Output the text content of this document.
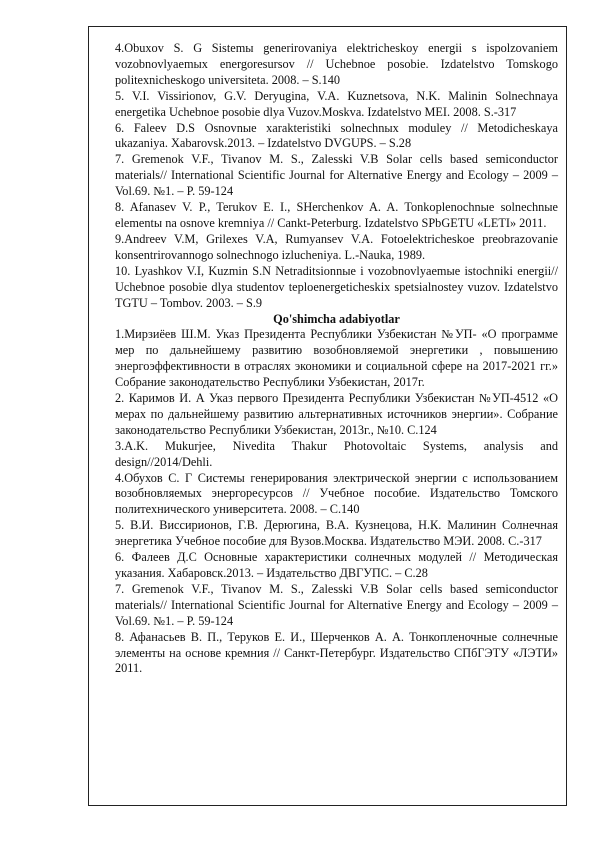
4.Obuxov S. G Sistemы generirovaniya elektricheskoy energii s ispolzovaniem vozobnovlyaemыx energoresursov // Uchebnoe posobie. Izdatelstvo Tomskogo politexnicheskogo universiteta. 2008. – S.140

5. V.I. Vissirionov, G.V. Deryugina, V.A. Kuznetsova, N.K. Malinin Solnechnaya energetika Uchebnoe posobie dlya Vuzov.Moskva. Izdatelstvo MEI. 2008. S.-317

6. Faleev D.S Osnovnыe xarakteristiki solnechnыx moduley // Metodicheskaya ukazaniya. Xabarovsk.2013. – Izdatelstvo DVGUPS. – S.28

7. Gremenok V.F., Tivanov M. S., Zalesski V.B Solar cells based semiconductor materials// International Scientific Journal for Alternative Energy and Ecology – 2009 – Vol.69. №1. – P. 59-124

8. Afanasev V. P., Terukov E. I., SHerchenkov A. A. Tonkoplenochnыe solnechnыe elementы na osnove kremniya // Cankt-Peterburg. Izdatelstvo SPbGETU «LETI» 2011.

9.Andreev V.M, Grilexes V.A, Rumyansev V.A. Fotoelektricheskoe preobrazovanie konsentrirovannogo solnechnogo izlucheniya. L.-Nauka, 1989.

10. Lyashkov V.I, Kuzmin S.N Netraditsionnыe i vozobnovlyaemыe istochniki energii// Uchebnoe posobie dlya studentov teploenergeticheskix spetsialnostey vuzov. Izdatelstvo TGTU – Tombov. 2003. – S.9

Qo'shimcha adabiyotlar

1.Мирзиёев Ш.М. Указ Президента Республики Узбекистан №УП- «О программе мер по дальнейшему развитию возобновляемой энергетики , повышению энергоэффективности в отраслях экономики и социальной сфере на 2017-2021 гг.» Собрание законодательство Республики Узбекистан, 2017г.

2. Каримов И. А Указ первого Президента Республики Узбекистан №УП-4512 «О мерах по дальнейшему развитию альтернативных источников энергии». Собрание законодательство Республики Узбекистан, 2013г., №10. С.124

3.A.K. Mukurjee, Nivedita Thakur Photovoltaic Systems, analysis and design//2014/Dehli.

4.Обухов С. Г Системы генерирования электрической энергии с использованием возобновляемых энергоресурсов // Учебное пособие. Издательство Томского политехнического университета. 2008. – С.140

5. В.И. Виссирионов, Г.В. Дерюгина, В.А. Кузнецова, Н.К. Малинин Солнечная энергетика Учебное пособие для Вузов.Москва. Издательство МЭИ. 2008. С.-317

6. Фалеев Д.С Основные характеристики солнечных модулей // Методическая указания. Хабаровск.2013. – Издательство ДВГУПС. – С.28

7. Gremenok V.F., Tivanov M. S., Zalesski V.B Solar cells based semiconductor materials// International Scientific Journal for Alternative Energy and Ecology – 2009 – Vol.69. №1. – P. 59-124

8. Афанасьев В. П., Теруков Е. И., Шерченков А. А. Тонкопленочные солнечные элементы на основе кремния // Санкт-Петербург. Издательство СПбГЭТУ «ЛЭТИ» 2011.
